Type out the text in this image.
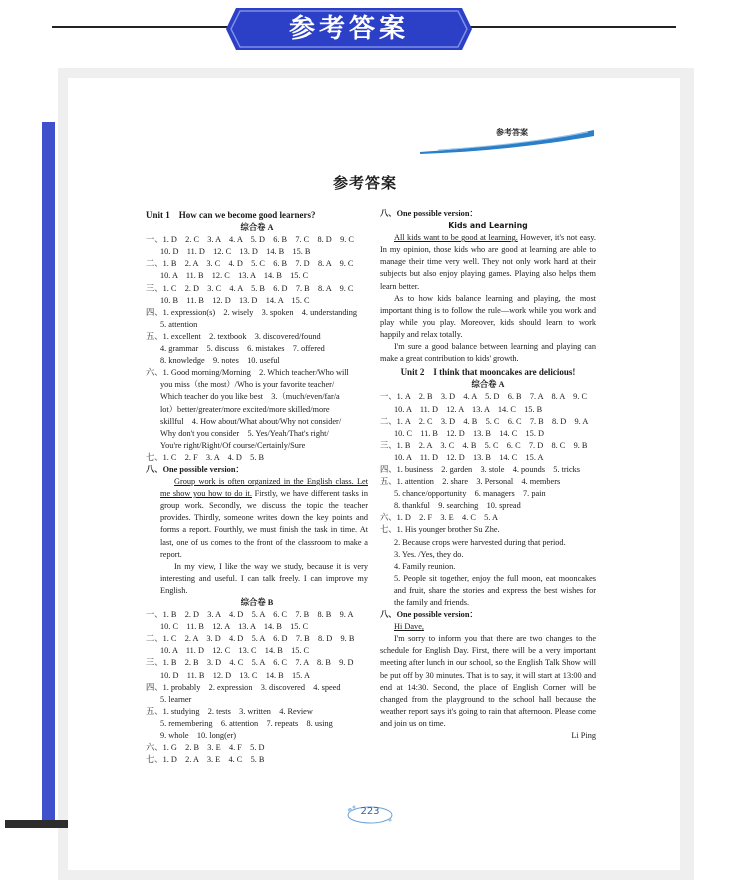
参考答案
参考答案
参考答案
Unit 1　How can we become good learners?
综合卷 A
一、1. D　2. C　3. A　4. A　5. D　6. B　7. C　8. D　9. C
10. D　11. D　12. C　13. D　14. B　15. B
二、1. B　2. A　3. C　4. D　5. C　6. B　7. D　8. A　9. C
10. A　11. B　12. C　13. A　14. B　15. C
三、1. C　2. D　3. C　4. A　5. B　6. D　7. B　8. A　9. C
10. B　11. B　12. D　13. D　14. A　15. C
四、1. expression(s)　2. wisely　3. spoken　4. understanding
5. attention
五、1. excellent　2. textbook　3. discovered/found
4. grammar　5. discuss　6. mistakes　7. offered
8. knowledge　9. notes　10. useful
六、1. Good morning/Morning　2. Which teacher/Who will
you miss（the most）/Who is your favorite teacher/
Which teacher do you like best　3.（much/even/far/a
lot）better/greater/more excited/more skilled/more
skillful　4. How about/What about/Why not consider/
Why don't you consider　5. Yes/Yeah/That's right/
You're right/Right/Of course/Certainly/Sure
七、1. C　2. F　3. A　4. D　5. B
八、One possible version：
Group work is often organized in the English class. Let me show you how to do it. Firstly, we have different tasks in group work. Secondly, we discuss the topic the teacher provides. Thirdly, someone writes down the key points and forms a report. Fourthly, we must finish the task in time. At last, one of us comes to the front of the classroom to make a report.
In my view, I like the way we study, because it is very interesting and useful. I can talk freely. I can improve my English.
综合卷 B
一、1. B　2. D　3. A　4. D　5. A　6. C　7. B　8. B　9. A
10. C　11. B　12. A　13. A　14. B　15. C
二、1. C　2. A　3. D　4. D　5. A　6. D　7. B　8. D　9. B
10. A　11. D　12. C　13. C　14. B　15. C
三、1. B　2. B　3. D　4. C　5. A　6. C　7. A　8. B　9. D
10. D　11. B　12. D　13. C　14. B　15. A
四、1. probably　2. expression　3. discovered　4. speed
5. learner
五、1. studying　2. tests　3. written　4. Review
5. remembering　6. attention　7. repeats　8. using
9. whole　10. long(er)
六、1. G　2. B　3. E　4. F　5. D
七、1. D　2. A　3. E　4. C　5. B
八、One possible version：
Kids and Learning
All kids want to be good at learning. However, it's not easy. In my opinion, those kids who are good at learning are able to manage their time very well. They not only work hard at their subjects but also enjoy playing games. Playing also helps them learn better.
As to how kids balance learning and playing, the most important thing is to follow the rule—work while you work and play while you play. Moreover, kids should learn to work happily and relax totally.
I'm sure a good balance between learning and playing can make a great contribution to kids' growth.
Unit 2　I think that mooncakes are delicious!
综合卷 A
一、1. A　2. B　3. D　4. A　5. D　6. B　7. A　8. A　9. C
10. A　11. D　12. A　13. A　14. C　15. B
二、1. A　2. C　3. D　4. B　5. C　6. C　7. B　8. D　9. A
10. C　11. B　12. D　13. B　14. C　15. D
三、1. B　2. A　3. C　4. B　5. C　6. C　7. D　8. C　9. B
10. A　11. D　12. D　13. B　14. C　15. A
四、1. business　2. garden　3. stole　4. pounds　5. tricks
五、1. attention　2. share　3. Personal　4. members
5. chance/opportunity　6. managers　7. pain
8. thankful　9. searching　10. spread
六、1. D　2. F　3. E　4. C　5. A
七、1. His younger brother Su Zhe.
2. Because crops were harvested during that period.
3. Yes. /Yes, they do.
4. Family reunion.
5. People sit together, enjoy the full moon, eat mooncakes and fruit, share the stories and express the best wishes for the family and friends.
八、One possible version：
Hi Dave,
I'm sorry to inform you that there are two changes to the schedule for English Day. First, there will be a very important meeting after lunch in our school, so the English Talk Show will be put off by 30 minutes. That is to say, it will start at 13:00 and end at 14:30. Second, the place of English Corner will be changed from the playground to the school hall because the weather report says it's going to rain that afternoon. Please come and join us on time.
Li Ping
223
